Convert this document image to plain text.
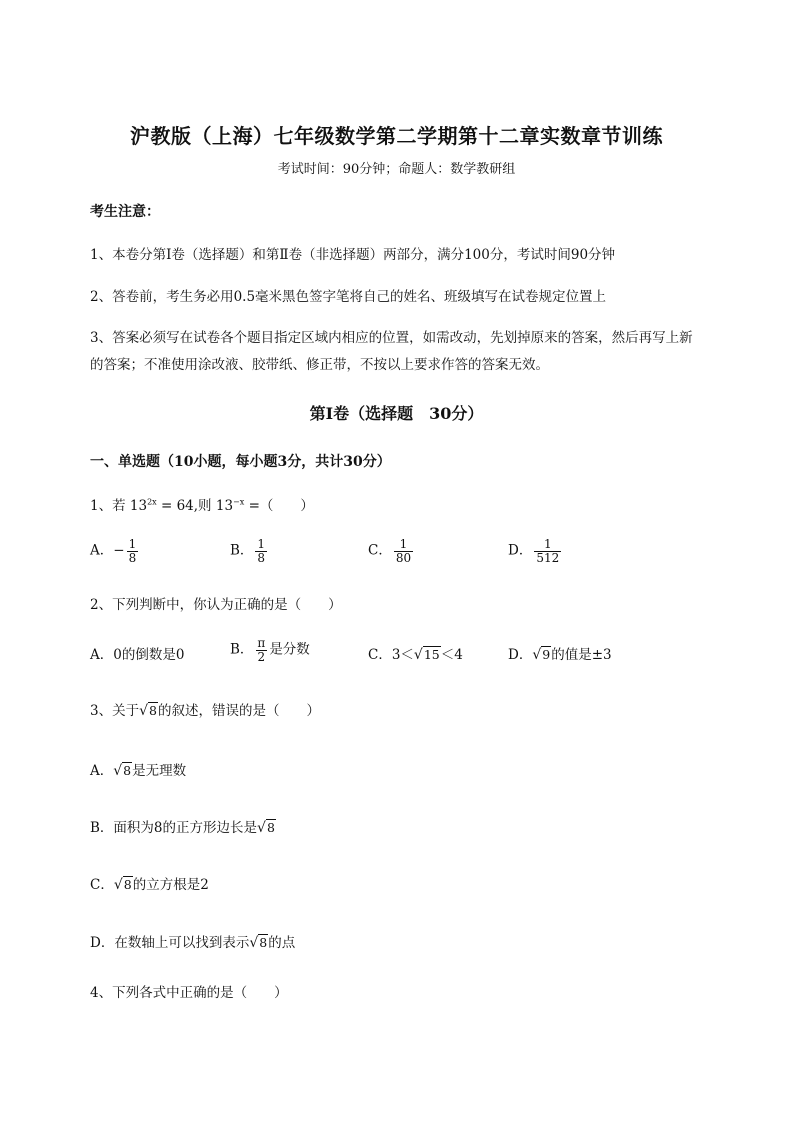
沪教版（上海）七年级数学第二学期第十二章实数章节训练
考试时间：90分钟；命题人：数学教研组
考生注意：
1、本卷分第Ⅰ卷（选择题）和第Ⅱ卷（非选择题）两部分，满分100分，考试时间90分钟
2、答卷前，考生务必用0.5毫米黑色签字笔将自己的姓名、班级填写在试卷规定位置上
3、答案必须写在试卷各个题目指定区域内相应的位置，如需改动，先划掉原来的答案，然后再写上新
的答案；不准使用涂改液、胶带纸、修正带，不按以上要求作答的答案无效。
第Ⅰ卷（选择题　30分）
一、单选题（10小题，每小题3分，共计30分）
1、若 $13^{2x} = 64$,则 $13^{-x}$ =（　　）
A．− $\frac{1}{8}$	B． $\frac{1}{8}$	C． $\frac{1}{80}$	D． $\frac{1}{512}$
2、下列判断中，你认为正确的是（　　）
A．0的倒数是0	B． $\frac{\pi}{2}$ 是分数	C．3＜√15＜4	D．√9的值是±3
3、关于√8的叙述，错误的是（　　）
A．√8是无理数
B．面积为8的正方形边长是√8
C．√8的立方根是2
D．在数轴上可以找到表示√8的点
4、下列各式中正确的是（　　）
